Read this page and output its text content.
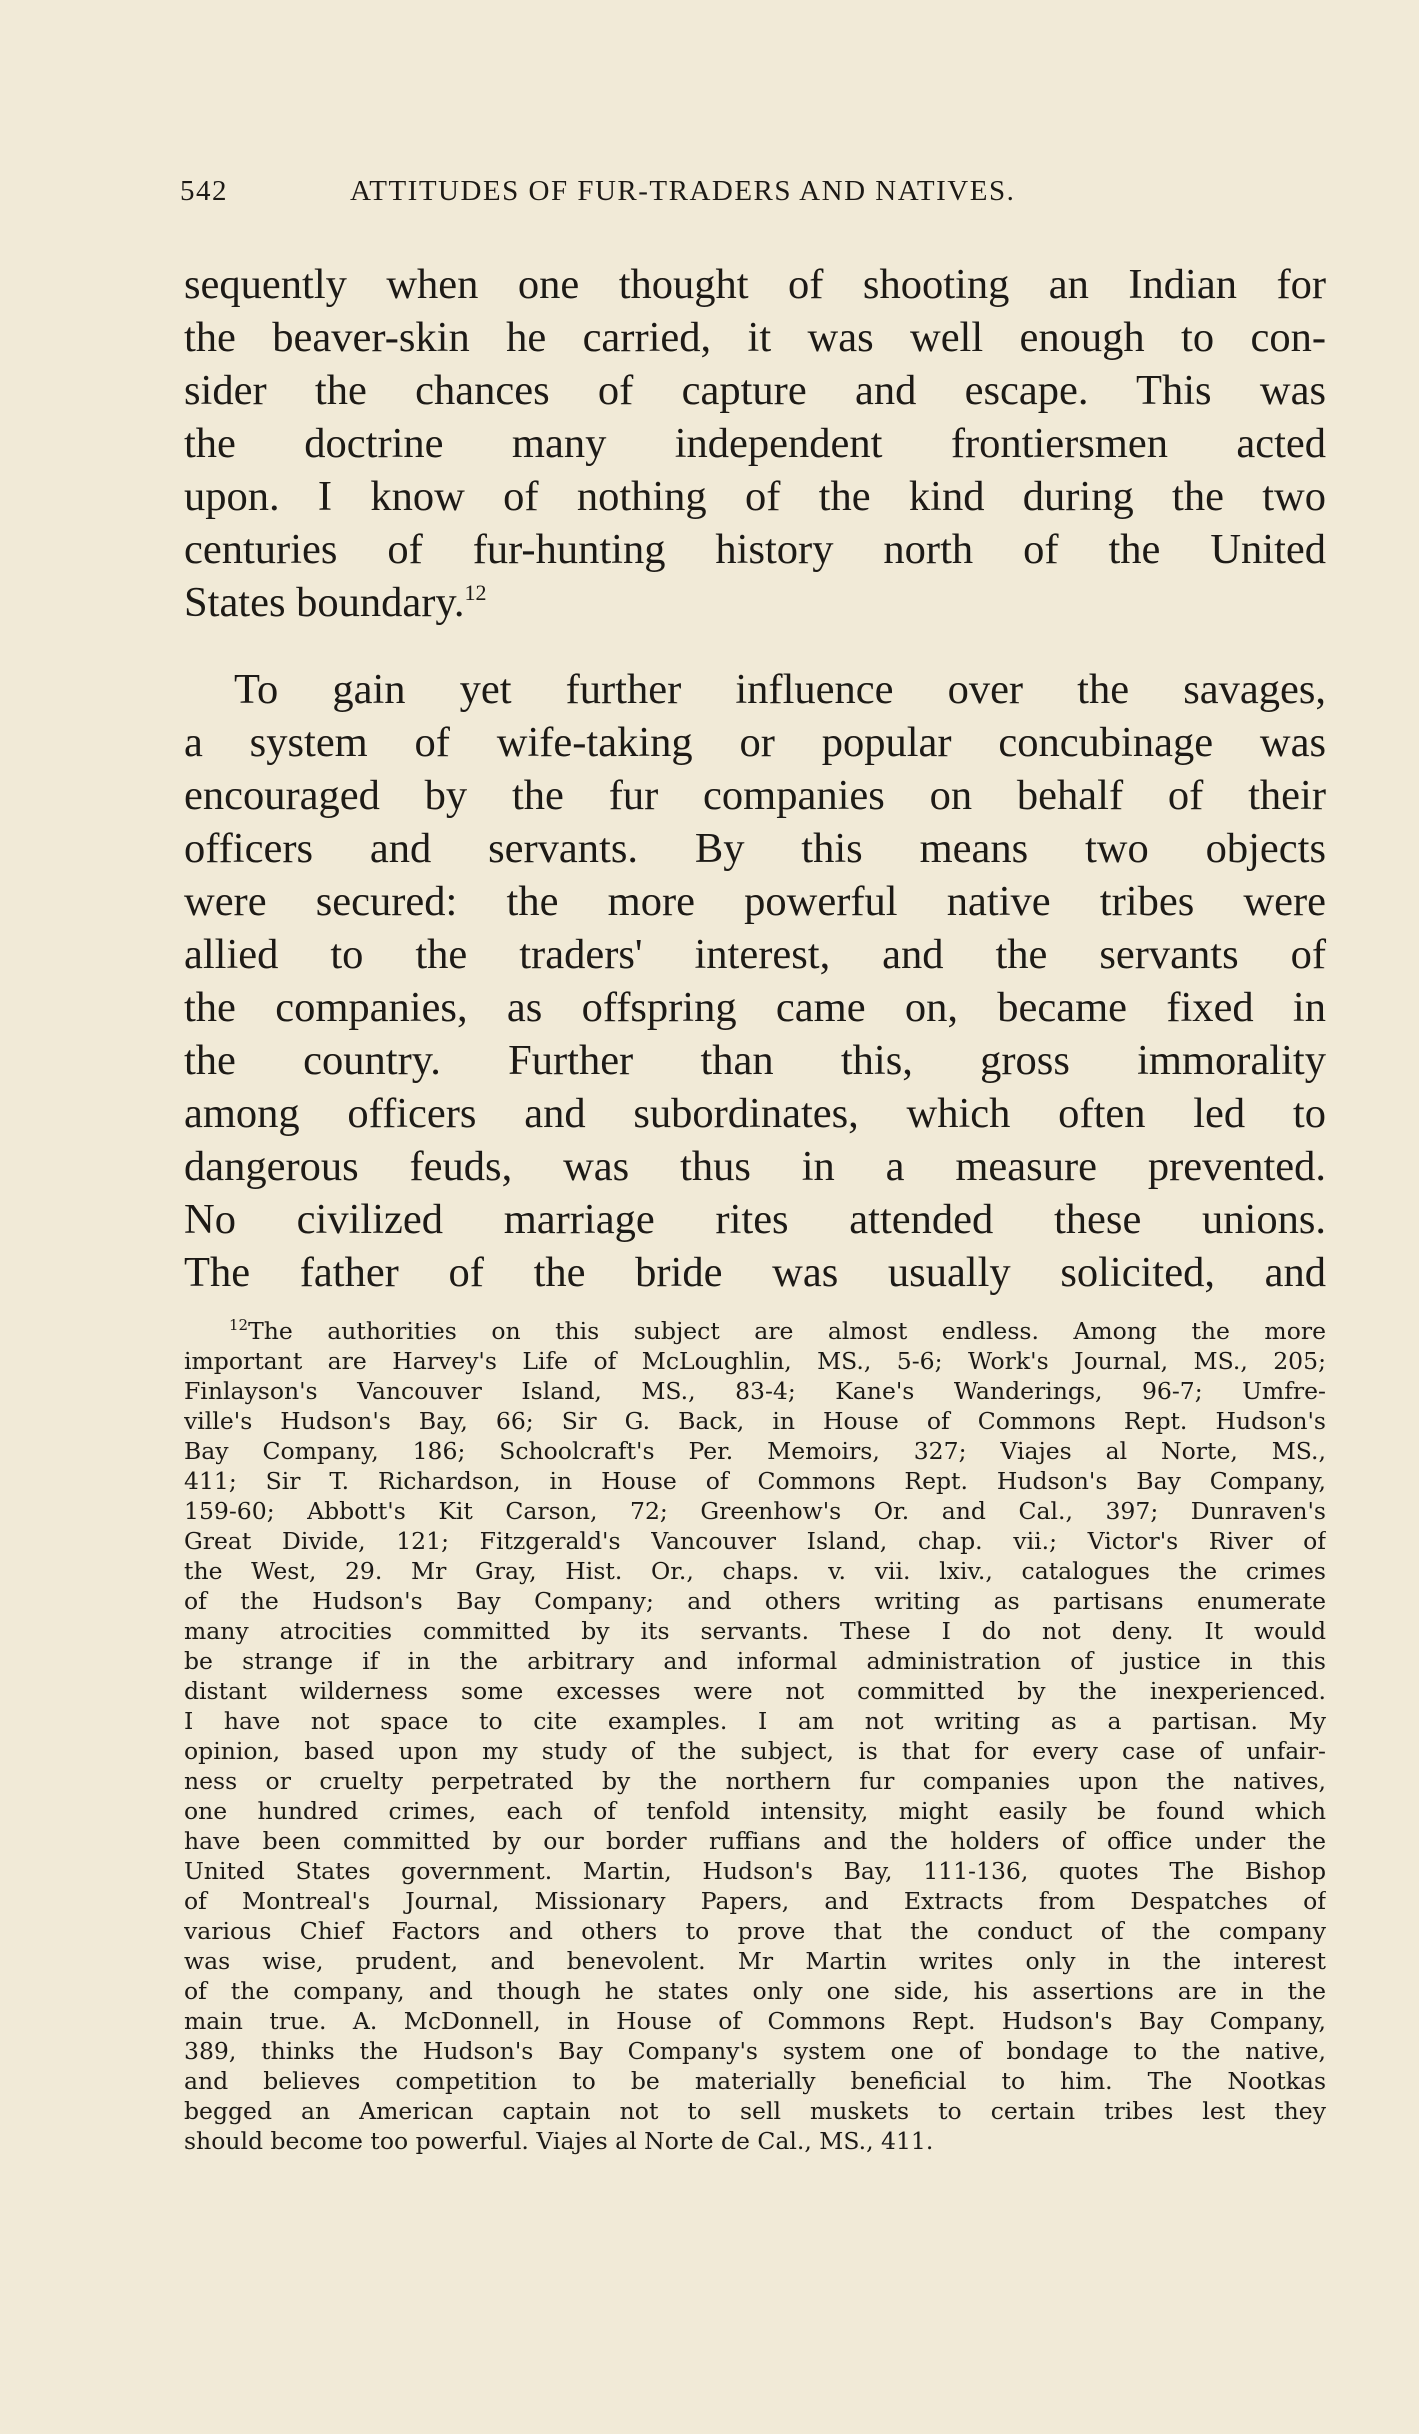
542	ATTITUDES OF FUR-TRADERS AND NATIVES.
sequently when one thought of shooting an Indian for
the beaver-skin he carried, it was well enough to con-
sider the chances of capture and escape. This was
the doctrine many independent frontiersmen acted
upon. I know of nothing of the kind during the two
centuries of fur-hunting history north of the United
States boundary.$^{12}$
To gain yet further influence over the savages,
a system of wife-taking or popular concubinage was
encouraged by the fur companies on behalf of their
officers and servants. By this means two objects
were secured: the more powerful native tribes were
allied to the traders' interest, and the servants of
the companies, as offspring came on, became fixed in
the country. Further than this, gross immorality
among officers and subordinates, which often led to
dangerous feuds, was thus in a measure prevented.
No civilized marriage rites attended these unions.
The father of the bride was usually solicited, and
$^{12}$The authorities on this subject are almost endless. Among the more
important are Harvey's Life of McLoughlin, MS., 5-6; Work's Journal, MS., 205;
Finlayson's Vancouver Island, MS., 83-4; Kane's Wanderings, 96-7; Umfre-
ville's Hudson's Bay, 66; Sir G. Back, in House of Commons Rept. Hudson's
Bay Company, 186; Schoolcraft's Per. Memoirs, 327; Viajes al Norte, MS.,
411; Sir T. Richardson, in House of Commons Rept. Hudson's Bay Company,
159-60; Abbott's Kit Carson, 72; Greenhow's Or. and Cal., 397; Dunraven's
Great Divide, 121; Fitzgerald's Vancouver Island, chap. vii.; Victor's River of
the West, 29. Mr Gray, Hist. Or., chaps. v. vii. lxiv., catalogues the crimes
of the Hudson's Bay Company; and others writing as partisans enumerate
many atrocities committed by its servants. These I do not deny. It would
be strange if in the arbitrary and informal administration of justice in this
distant wilderness some excesses were not committed by the inexperienced.
I have not space to cite examples. I am not writing as a partisan. My
opinion, based upon my study of the subject, is that for every case of unfair-
ness or cruelty perpetrated by the northern fur companies upon the natives,
one hundred crimes, each of tenfold intensity, might easily be found which
have been committed by our border ruffians and the holders of office under the
United States government. Martin, Hudson's Bay, 111-136, quotes The Bishop
of Montreal's Journal, Missionary Papers, and Extracts from Despatches of
various Chief Factors and others to prove that the conduct of the company
was wise, prudent, and benevolent. Mr Martin writes only in the interest
of the company, and though he states only one side, his assertions are in the
main true. A. McDonnell, in House of Commons Rept. Hudson's Bay Company,
389, thinks the Hudson's Bay Company's system one of bondage to the native,
and believes competition to be materially beneficial to him. The Nootkas
begged an American captain not to sell muskets to certain tribes lest they
should become too powerful. Viajes al Norte de Cal., MS., 411.
